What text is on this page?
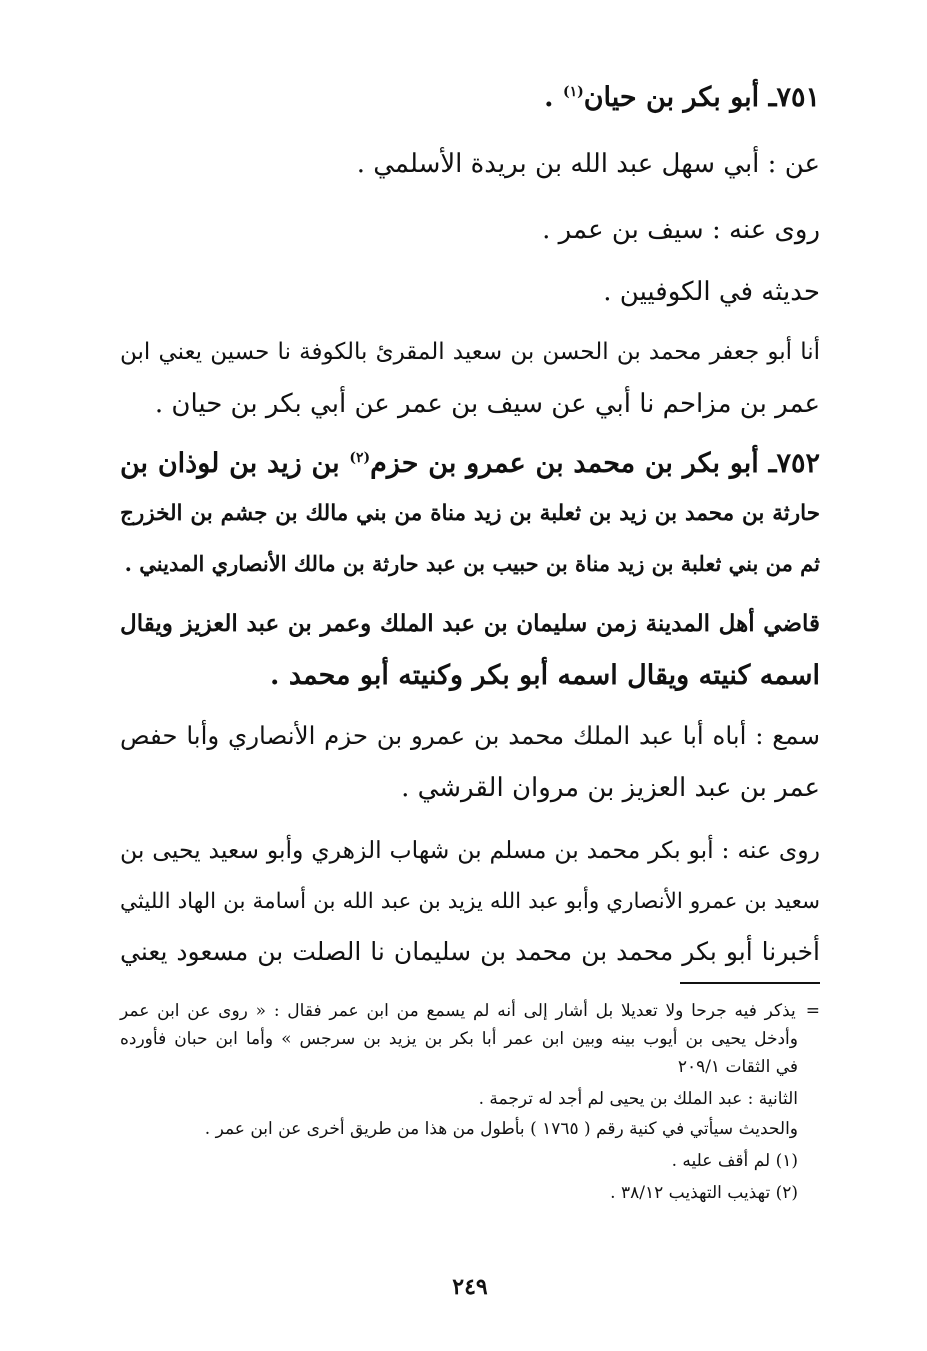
٧٥١ـ أبو بكر بن حيان$^{(١)}$ .
عن : أبي سهل عبد الله بن بريدة الأسلمي .
روى عنه : سيف بن عمر .
حديثه في الكوفيين .
أنا أبو جعفر محمد بن الحسن بن سعيد المقرئ بالكوفة نا حسين يعني ابن
عمر بن مزاحم نا أبي عن سيف بن عمر عن أبي بكر بن حيان .
٧٥٢ـ أبو بكر بن محمد بن عمرو بن حزم$^{(٢)}$ بن زيد بن لوذان بن
حارثة بن محمد بن زيد بن ثعلبة بن زيد مناة من بني مالك بن جشم بن الخزرج
ثم من بني ثعلبة بن زيد مناة بن حبيب بن عبد حارثة بن مالك الأنصاري المديني .
قاضي أهل المدينة زمن سليمان بن عبد الملك وعمر بن عبد العزيز ويقال
اسمه كنيته ويقال اسمه أبو بكر وكنيته أبو محمد .
سمع : أباه أبا عبد الملك محمد بن عمرو بن حزم الأنصاري وأبا حفص
عمر بن عبد العزيز بن مروان القرشي .
روى عنه : أبو بكر محمد بن مسلم بن شهاب الزهري وأبو سعيد يحيى بن
سعيد بن عمرو الأنصاري وأبو عبد الله يزيد بن عبد الله بن أسامة بن الهاد الليثي
أخبرنا أبو بكر محمد بن محمد بن سليمان نا الصلت بن مسعود يعني
=يذكر فيه جرحا ولا تعديلا بل أشار إلى أنه لم يسمع من ابن عمر فقال : « روى عن ابن عمر
وأدخل يحيى بن أيوب بينه وبين ابن عمر أبا بكر بن يزيد بن سرجس » وأما ابن حبان فأورده
في الثقات ٢٠٩/١
الثانية : عبد الملك بن يحيى لم أجد له ترجمة .
والحديث سيأتي في كنية رقم ( ١٧٦٥ ) بأطول من هذا من طريق أخرى عن ابن عمر .
(١) لم أقف عليه .
(٢) تهذيب التهذيب ٣٨/١٢ .
٢٤٩
